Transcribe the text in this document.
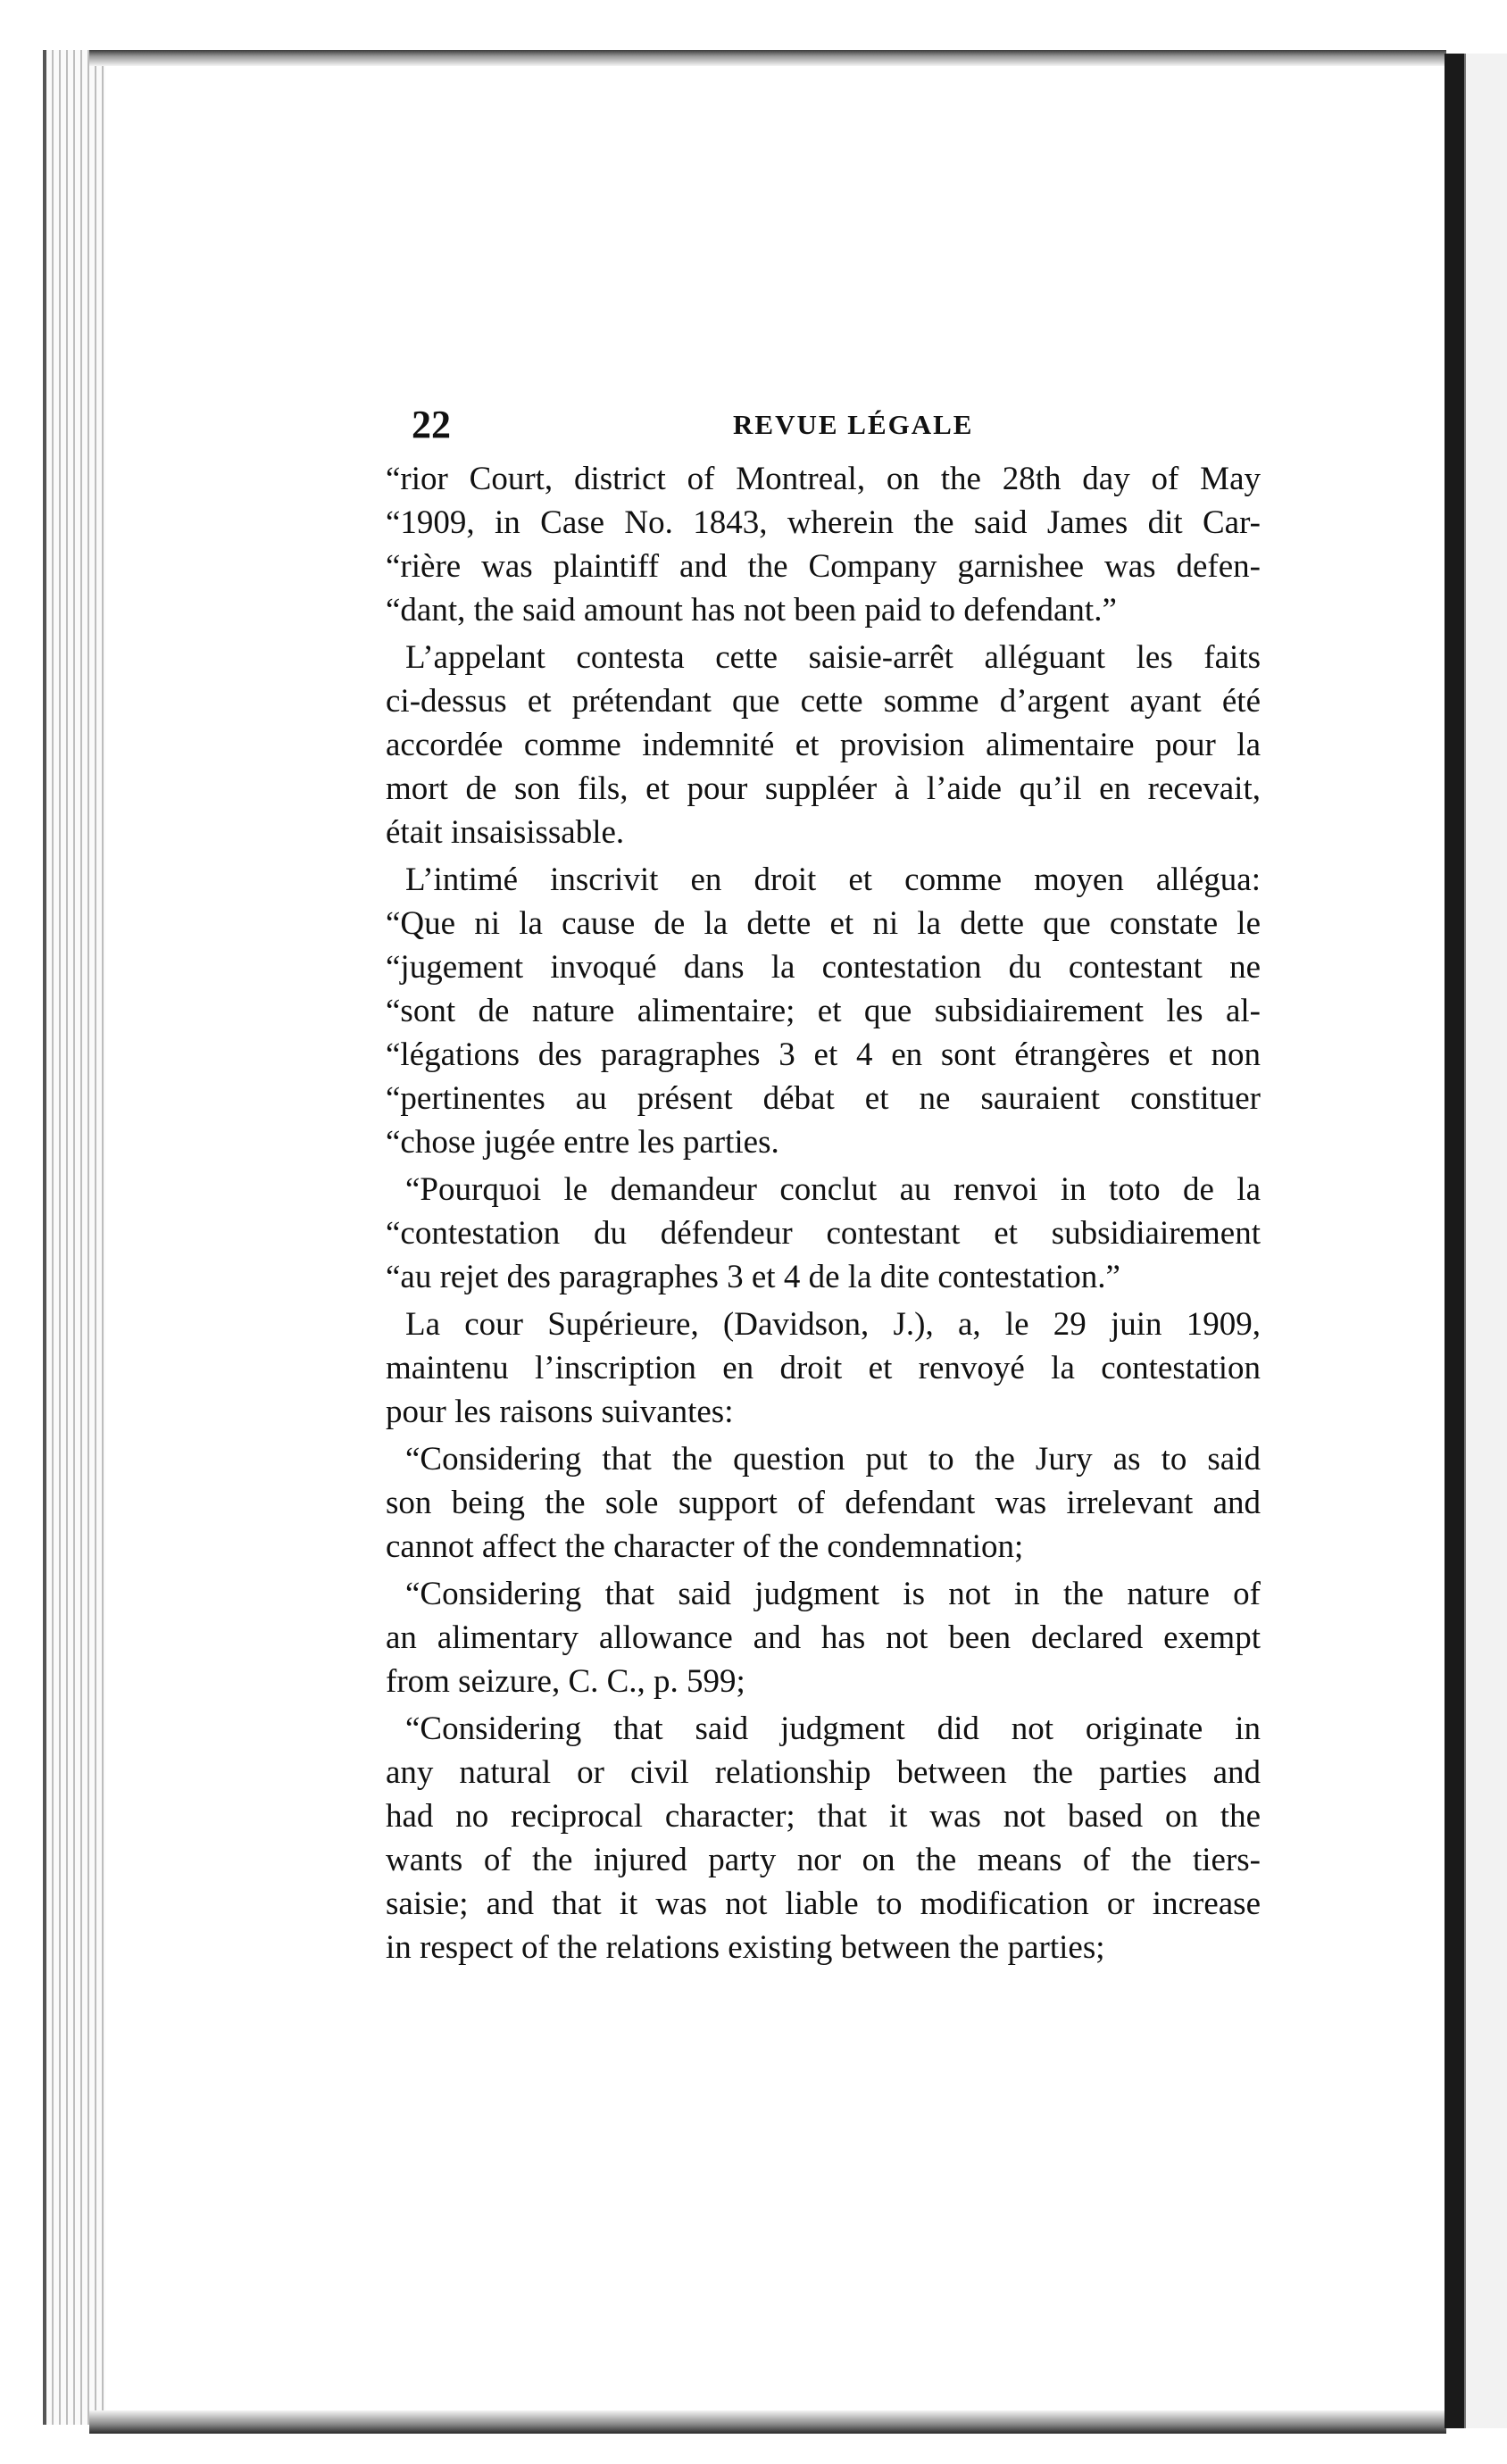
22	REVUE LÉGALE
“rior Court, district of Montreal, on the 28th day of May
“1909, in Case No. 1843, wherein the said James dit Car-
“rière was plaintiff and the Company garnishee was defen-
“dant, the said amount has not been paid to defendant.”
L’appelant contesta cette saisie-arrêt alléguant les faits
ci-dessus et prétendant que cette somme d’argent ayant été
accordée comme indemnité et provision alimentaire pour la
mort de son fils, et pour suppléer à l’aide qu’il en recevait,
était insaisissable.
L’intimé inscrivit en droit et comme moyen allégua:
“Que ni la cause de la dette et ni la dette que constate le
“jugement invoqué dans la contestation du contestant ne
“sont de nature alimentaire; et que subsidiairement les al-
“légations des paragraphes 3 et 4 en sont étrangères et non
“pertinentes au présent débat et ne sauraient constituer
“chose jugée entre les parties.
“Pourquoi le demandeur conclut au renvoi in toto de la
“contestation du défendeur contestant et subsidiairement
“au rejet des paragraphes 3 et 4 de la dite contestation.”
La cour Supérieure, (Davidson, J.), a, le 29 juin 1909,
maintenu l’inscription en droit et renvoyé la contestation
pour les raisons suivantes:
“Considering that the question put to the Jury as to said
son being the sole support of defendant was irrelevant and
cannot affect the character of the condemnation;
“Considering that said judgment is not in the nature of
an alimentary allowance and has not been declared exempt
from seizure, C. C., p. 599;
“Considering that said judgment did not originate in
any natural or civil relationship between the parties and
had no reciprocal character; that it was not based on the
wants of the injured party nor on the means of the tiers-
saisie; and that it was not liable to modification or increase
in respect of the relations existing between the parties;
